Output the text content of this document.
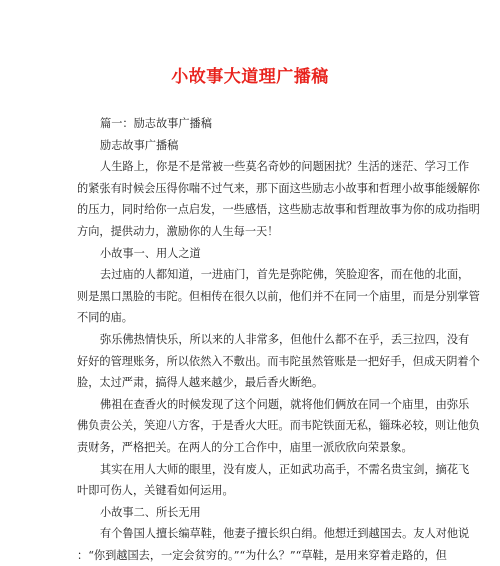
小故事大道理广播稿
篇一：励志故事广播稿
励志故事广播稿
人生路上，你是不是常被一些莫名奇妙的问题困扰？生活的迷茫、学习工作
的紧张有时候会压得你喘不过气来，那下面这些励志小故事和哲理小故事能缓解你
的压力，同时给你一点启发，一些感悟，这些励志故事和哲理故事为你的成功指明
方向，提供动力，激励你的人生每一天！
小故事一、用人之道
去过庙的人都知道，一进庙门，首先是弥陀佛，笑脸迎客，而在他的北面，
则是黑口黑脸的韦陀。但相传在很久以前，他们并不在同一个庙里，而是分别掌管
不同的庙。
弥乐佛热情快乐，所以来的人非常多，但他什么都不在乎，丢三拉四，没有
好好的管理账务，所以依然入不敷出。而韦陀虽然管账是一把好手，但成天阴着个
脸，太过严肃，搞得人越来越少，最后香火断绝。
佛祖在查香火的时候发现了这个问题，就将他们俩放在同一个庙里，由弥乐
佛负责公关，笑迎八方客，于是香火大旺。而韦陀铁面无私，锱珠必较，则让他负
责财务，严格把关。在两人的分工合作中，庙里一派欣欣向荣景象。
其实在用人大师的眼里，没有废人，正如武功高手，不需名贵宝剑，摘花飞
叶即可伤人，关键看如何运用。
小故事二、所长无用
有个鲁国人擅长编草鞋，他妻子擅长织白绢。他想迁到越国去。友人对他说
：“你到越国去，一定会贫穷的。”“为什么？”“草鞋，是用来穿着走路的，但
